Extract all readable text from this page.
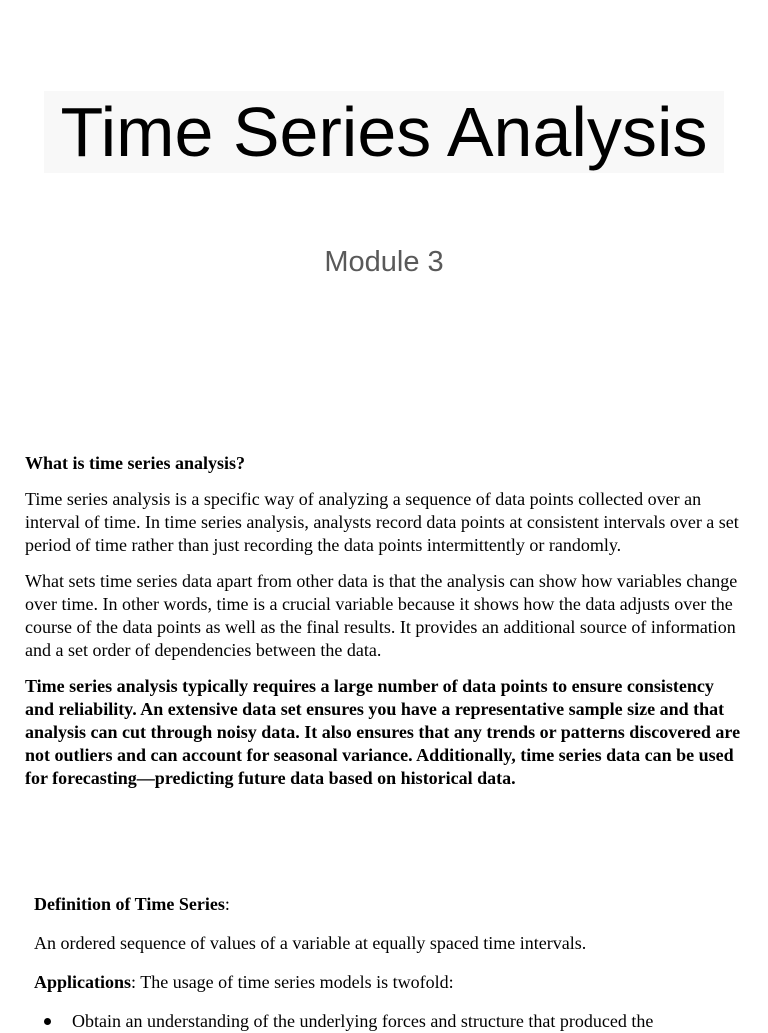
Time Series Analysis
Module 3

What is time series analysis?

Time series analysis is a specific way of analyzing a sequence of data points collected over an interval of time. In time series analysis, analysts record data points at consistent intervals over a set period of time rather than just recording the data points intermittently or randomly.

What sets time series data apart from other data is that the analysis can show how variables change over time. In other words, time is a crucial variable because it shows how the data adjusts over the course of the data points as well as the final results. It provides an additional source of information and a set order of dependencies between the data.

Time series analysis typically requires a large number of data points to ensure consistency and reliability. An extensive data set ensures you have a representative sample size and that analysis can cut through noisy data. It also ensures that any trends or patterns discovered are not outliers and can account for seasonal variance. Additionally, time series data can be used for forecasting—predicting future data based on historical data.

Definition of Time Series:

An ordered sequence of values of a variable at equally spaced time intervals.

Applications: The usage of time series models is twofold:

Obtain an understanding of the underlying forces and structure that produced the
